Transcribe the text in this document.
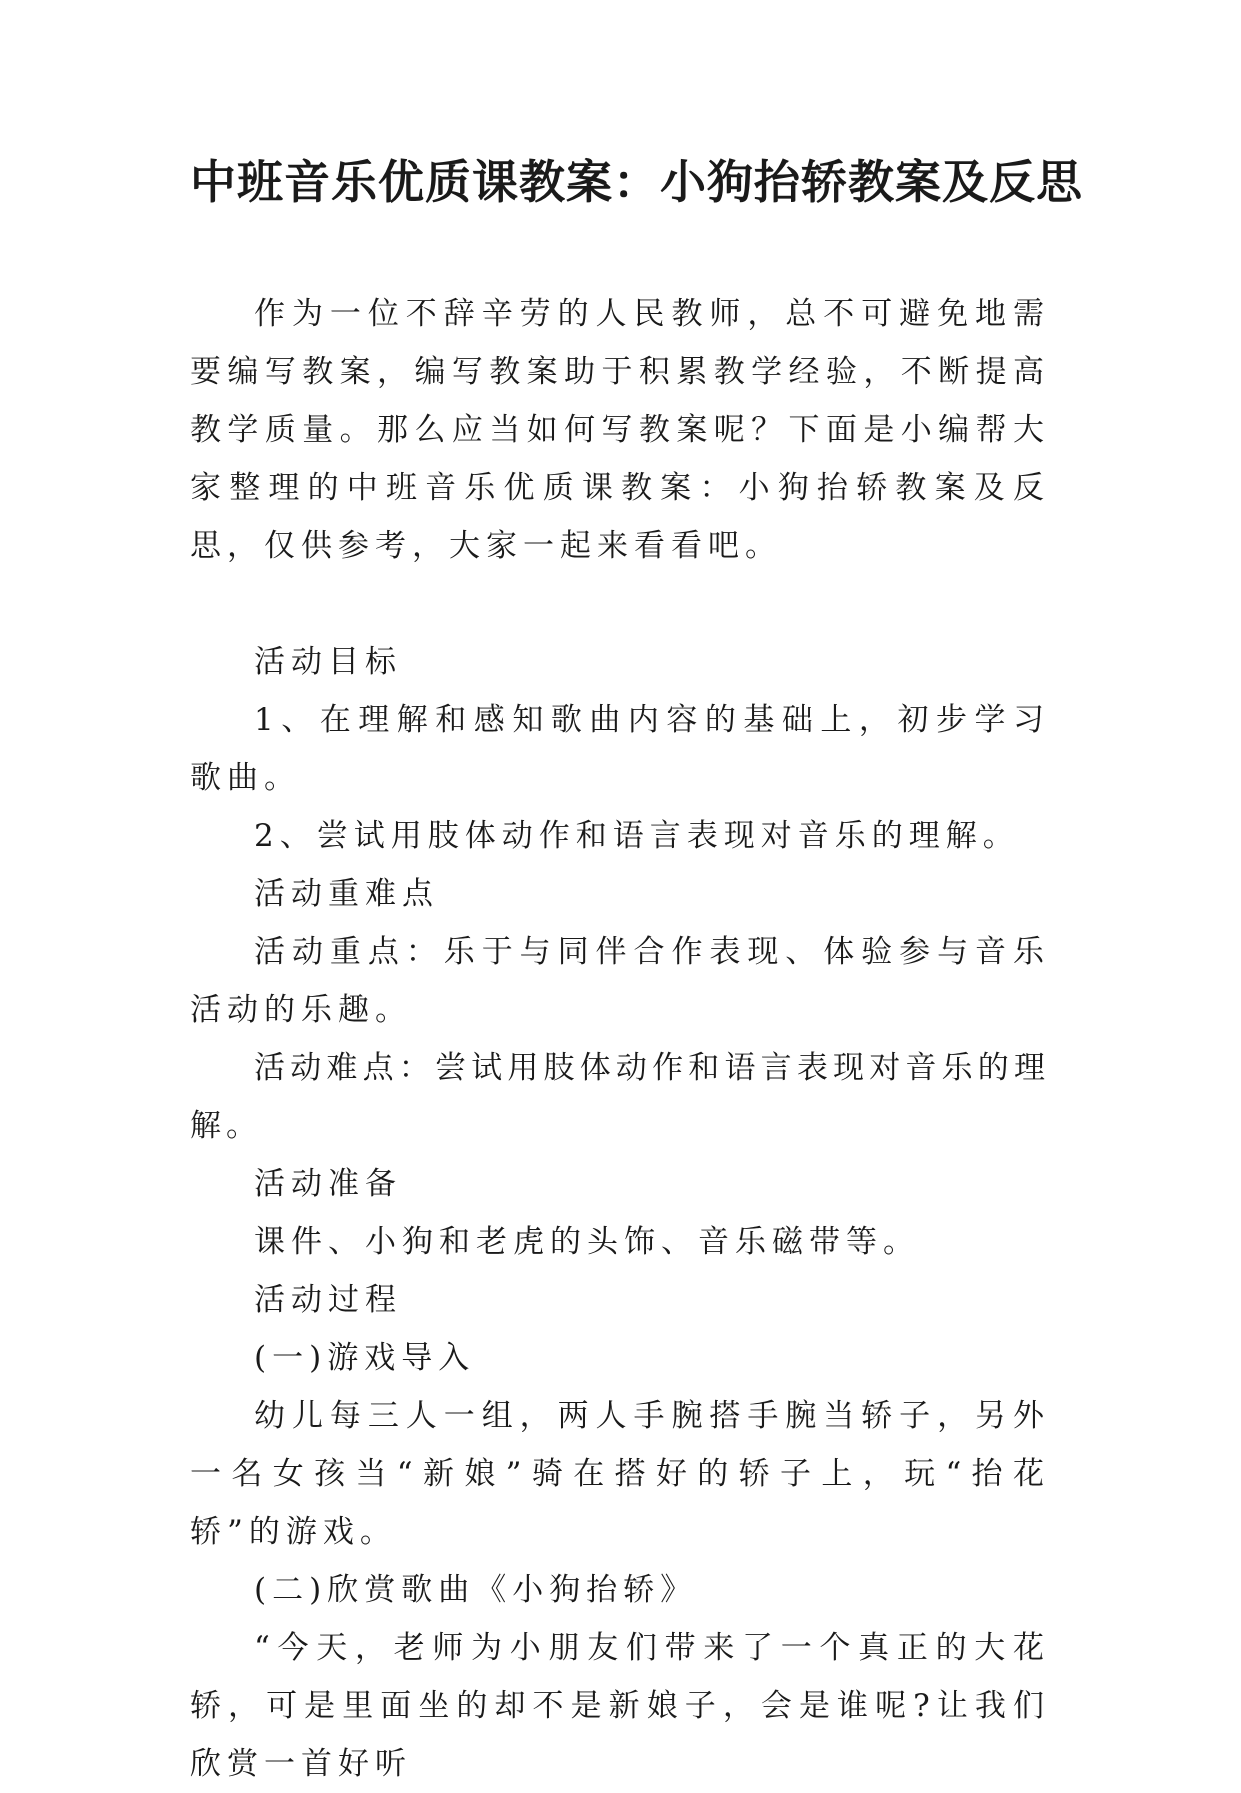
中班音乐优质课教案：小狗抬轿教案及反思

作为一位不辞辛劳的人民教师，总不可避免地需要编写教案，编写教案助于积累教学经验，不断提高教学质量。那么应当如何写教案呢？下面是小编帮大家整理的中班音乐优质课教案：小狗抬轿教案及反思，仅供参考，大家一起来看看吧。

活动目标

1、在理解和感知歌曲内容的基础上，初步学习歌曲。

2、尝试用肢体动作和语言表现对音乐的理解。

活动重难点

活动重点：乐于与同伴合作表现、体验参与音乐活动的乐趣。

活动难点：尝试用肢体动作和语言表现对音乐的理解。

活动准备

课件、小狗和老虎的头饰、音乐磁带等。

活动过程

(一)游戏导入

幼儿每三人一组，两人手腕搭手腕当轿子，另外一名女孩当“新娘”骑在搭好的轿子上，玩“抬花轿”的游戏。

(二)欣赏歌曲《小狗抬轿》

“今天，老师为小朋友们带来了一个真正的大花轿，可是里面坐的却不是新娘子，会是谁呢?让我们欣赏一首好听
